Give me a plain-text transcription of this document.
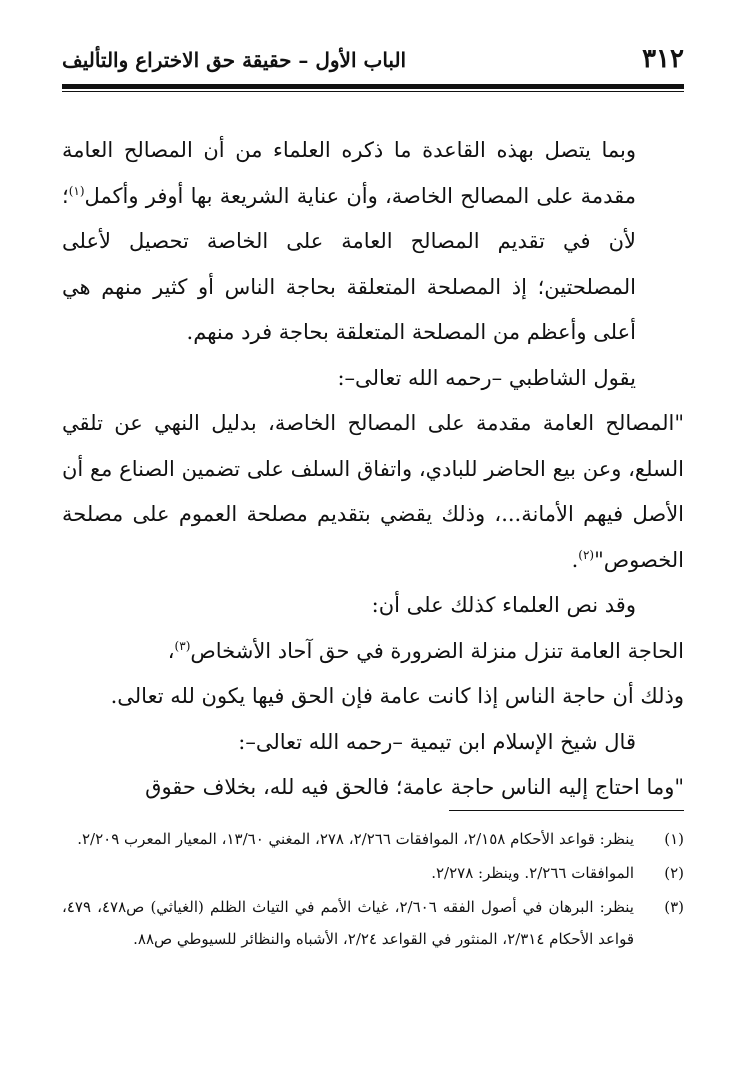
٣١٢
الباب الأول – حقيقة حق الاختراع والتأليف

وبما يتصل بهذه القاعدة ما ذكره العلماء من أن المصالح العامة مقدمة على المصالح الخاصة، وأن عناية الشريعة بها أوفر وأكمل$^{(١)}$؛ لأن في تقديم المصالح العامة على الخاصة تحصيل لأعلى المصلحتين؛ إذ المصلحة المتعلقة بحاجة الناس أو كثير منهم هي أعلى وأعظم من المصلحة المتعلقة بحاجة فرد منهم.

يقول الشاطبي –رحمه الله تعالى–:

"المصالح العامة مقدمة على المصالح الخاصة، بدليل النهي عن تلقي السلع، وعن بيع الحاضر للبادي، واتفاق السلف على تضمين الصناع مع أن الأصل فيهم الأمانة...، وذلك يقضي بتقديم مصلحة العموم على مصلحة الخصوص"$^{(٢)}$.

وقد نص العلماء كذلك على أن:

الحاجة العامة تنزل منزلة الضرورة في حق آحاد الأشخاص$^{(٣)}$،

وذلك أن حاجة الناس إذا كانت عامة فإن الحق فيها يكون لله تعالى.

قال شيخ الإسلام ابن تيمية –رحمه الله تعالى–:

"وما احتاج إليه الناس حاجة عامة؛ فالحق فيه لله، بخلاف حقوق

(١)
ينظر: قواعد الأحكام ٢/١٥٨، الموافقات ٢/٢٦٦، ٢٧٨، المغني ١٣/٦٠، المعيار المعرب ٢/٢٠٩.
(٢)
الموافقات ٢/٢٦٦. وينظر: ٢/٢٧٨.
(٣)
ينظر: البرهان في أصول الفقه ٢/٦٠٦، غياث الأمم في التياث الظلم (الغياثي) ص٤٧٨، ٤٧٩، قواعد الأحكام ٢/٣١٤، المنثور في القواعد ٢/٢٤، الأشباه والنظائر للسيوطي ص٨٨.
